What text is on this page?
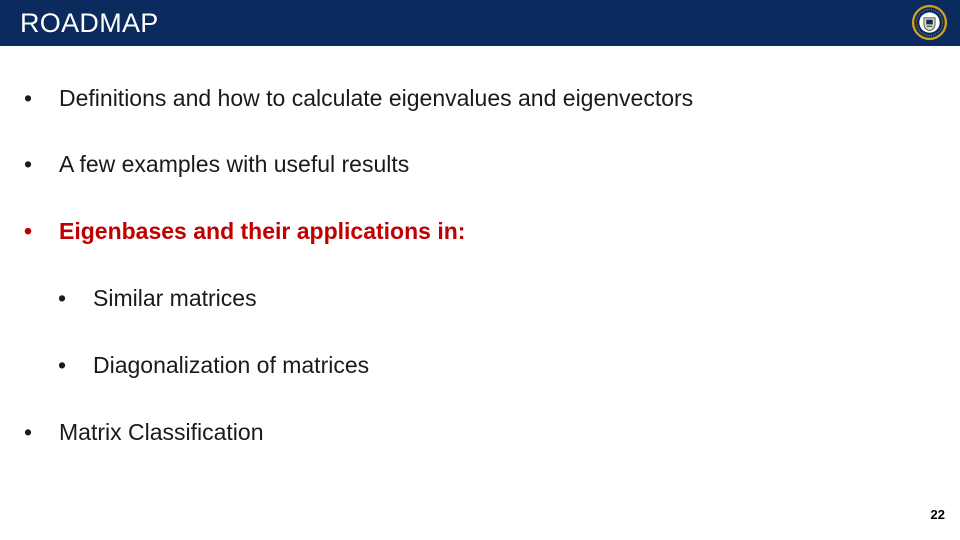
ROADMAP
• Definitions and how to calculate eigenvalues and eigenvectors
• A few examples with useful results
• Eigenbases and their applications in:
• Similar matrices
• Diagonalization of matrices
• Matrix Classification
22
